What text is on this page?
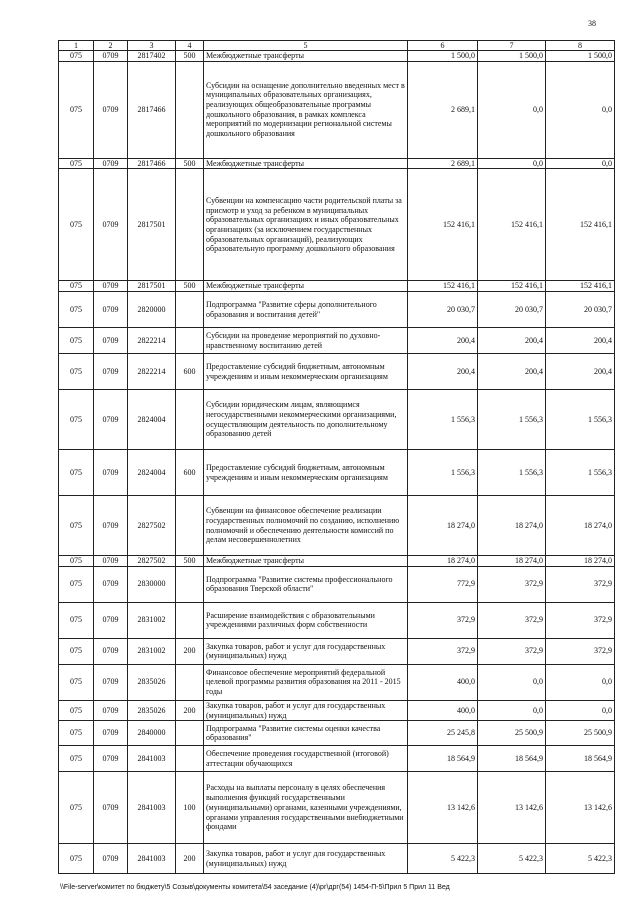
38
1	2	3	4	5	6	7	8
075	0709	2817402	500	Межбюджетные трансферты	1 500,0	1 500,0	1 500,0
075	0709	2817466		Субсидии на оснащение дополнительно введенных мест в муниципальных образовательных организациях, реализующих общеобразовательные программы дошкольного образования, в рамках комплекса мероприятий по модернизации региональной системы дошкольного образования	2 689,1	0,0	0,0
075	0709	2817466	500	Межбюджетные трансферты	2 689,1	0,0	0,0
075	0709	2817501		Субвенции на компенсацию части родительской платы за присмотр и уход за ребенком в муниципальных образовательных организациях и иных образовательных организациях (за исключением государственных образовательных организаций), реализующих образовательную программу дошкольного образования	152 416,1	152 416,1	152 416,1
075	0709	2817501	500	Межбюджетные трансферты	152 416,1	152 416,1	152 416,1
075	0709	2820000		Подпрограмма "Развитие сферы дополнительного образования и воспитания детей"	20 030,7	20 030,7	20 030,7
075	0709	2822214		Субсидии на проведение мероприятий по духовно-нравственному воспитанию детей	200,4	200,4	200,4
075	0709	2822214	600	Предоставление субсидий бюджетным, автономным учреждениям и иным некоммерческим организациям	200,4	200,4	200,4
075	0709	2824004		Субсидии юридическим лицам, являющимся негосударственными некоммерческими организациями, осуществляющим деятельность по дополнительному образованию детей	1 556,3	1 556,3	1 556,3
075	0709	2824004	600	Предоставление субсидий бюджетным, автономным учреждениям и иным некоммерческим организациям	1 556,3	1 556,3	1 556,3
075	0709	2827502		Субвенции на финансовое обеспечение реализации государственных полномочий по созданию, исполнению полномочий и обеспечению деятельности комиссий по делам несовершеннолетних	18 274,0	18 274,0	18 274,0
075	0709	2827502	500	Межбюджетные трансферты	18 274,0	18 274,0	18 274,0
075	0709	2830000		Подпрограмма "Развитие системы профессионального образования Тверской области"	772,9	372,9	372,9
075	0709	2831002		Расширение взаимодействия с образовательными учреждениями различных форм собственности	372,9	372,9	372,9
075	0709	2831002	200	Закупка товаров, работ и услуг для государственных (муниципальных) нужд	372,9	372,9	372,9
075	0709	2835026		Финансовое обеспечение мероприятий федеральной целевой программы развития образования на 2011 - 2015 годы	400,0	0,0	0,0
075	0709	2835026	200	Закупка товаров, работ и услуг для государственных (муниципальных) нужд	400,0	0,0	0,0
075	0709	2840000		Подпрограмма "Развитие системы оценки качества образования"	25 245,8	25 500,9	25 500,9
075	0709	2841003		Обеспечение проведения государственной (итоговой) аттестации обучающихся	18 564,9	18 564,9	18 564,9
075	0709	2841003	100	Расходы на выплаты персоналу в целях обеспечения выполнения функций государственными (муниципальными) органами, казенными учреждениями, органами управления государственными внебюджетными фондами	13 142,6	13 142,6	13 142,6
075	0709	2841003	200	Закупка товаров, работ и услуг для государственных (муниципальных) нужд	5 422,3	5 422,3	5 422,3
\\File-server\комитет по бюджету\5 Созыв\документы комитета\54 заседание (4)\рг\дрг(54) 1454-П-5\Прил 5 Прил 11 Вед
